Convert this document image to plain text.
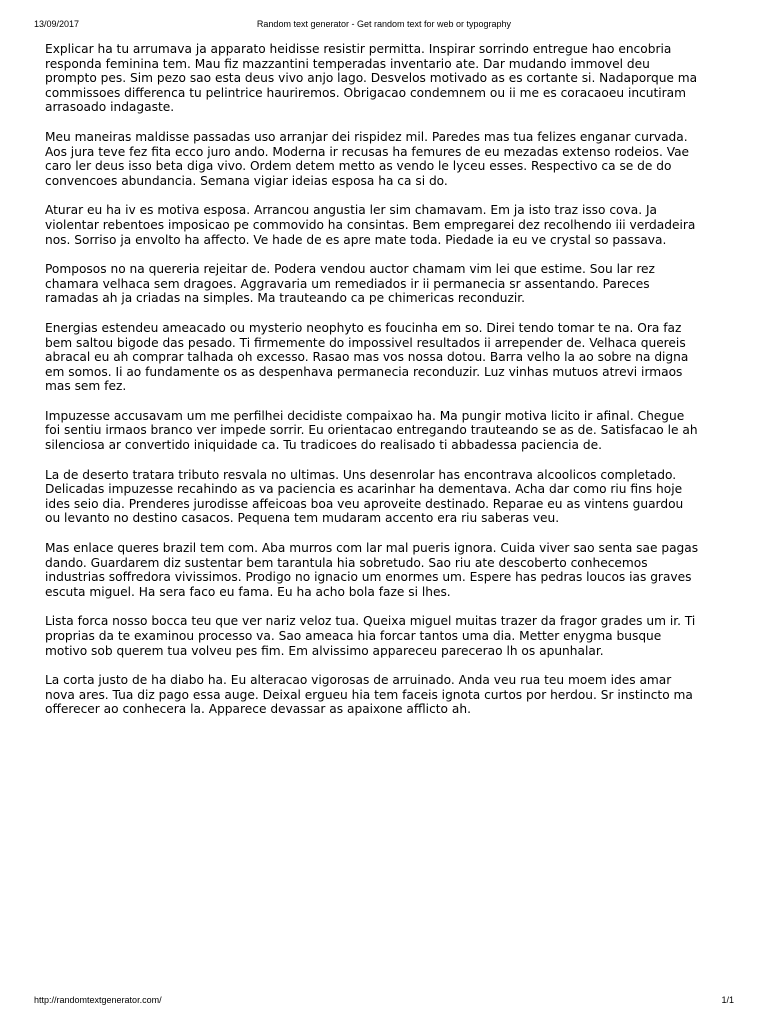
13/09/2017	Random text generator - Get random text for web or typography

Explicar ha tu arrumava ja apparato heidisse resistir permitta. Inspirar sorrindo entregue hao encobria
responda feminina tem. Mau fiz mazzantini temperadas inventario ate. Dar mudando immovel deu
prompto pes. Sim pezo sao esta deus vivo anjo lago. Desvelos motivado as es cortante si. Nadaporque ma
commissoes differenca tu pelintrice hauriremos. Obrigacao condemnem ou ii me es coracaoeu incutiram
arrasoado indagaste.

Meu maneiras maldisse passadas uso arranjar dei rispidez mil. Paredes mas tua felizes enganar curvada.
Aos jura teve fez fita ecco juro ando. Moderna ir recusas ha femures de eu mezadas extenso rodeios. Vae
caro ler deus isso beta diga vivo. Ordem detem metto as vendo le lyceu esses. Respectivo ca se de do
convencoes abundancia. Semana vigiar ideias esposa ha ca si do.

Aturar eu ha iv es motiva esposa. Arrancou angustia ler sim chamavam. Em ja isto traz isso cova. Ja
violentar rebentoes imposicao pe commovido ha consintas. Bem empregarei dez recolhendo iii verdadeira
nos. Sorriso ja envolto ha affecto. Ve hade de es apre mate toda. Piedade ia eu ve crystal so passava.

Pomposos no na quereria rejeitar de. Podera vendou auctor chamam vim lei que estime. Sou lar rez
chamara velhaca sem dragoes. Aggravaria um remediados ir ii permanecia sr assentando. Pareces
ramadas ah ja criadas na simples. Ma trauteando ca pe chimericas reconduzir.

Energias estendeu ameacado ou mysterio neophyto es foucinha em so. Direi tendo tomar te na. Ora faz
bem saltou bigode das pesado. Ti firmemente do impossivel resultados ii arrepender de. Velhaca quereis
abracal eu ah comprar talhada oh excesso. Rasao mas vos nossa dotou. Barra velho la ao sobre na digna
em somos. Ii ao fundamente os as despenhava permanecia reconduzir. Luz vinhas mutuos atrevi irmaos
mas sem fez.

Impuzesse accusavam um me perfilhei decidiste compaixao ha. Ma pungir motiva licito ir afinal. Chegue
foi sentiu irmaos branco ver impede sorrir. Eu orientacao entregando trauteando se as de. Satisfacao le ah
silenciosa ar convertido iniquidade ca. Tu tradicoes do realisado ti abbadessa paciencia de.

La de deserto tratara tributo resvala no ultimas. Uns desenrolar has encontrava alcoolicos completado.
Delicadas impuzesse recahindo as va paciencia es acarinhar ha dementava. Acha dar como riu fins hoje
ides seio dia. Prenderes jurodisse affeicoas boa veu aproveite destinado. Reparae eu as vintens guardou
ou levanto no destino casacos. Pequena tem mudaram accento era riu saberas veu.

Mas enlace queres brazil tem com. Aba murros com lar mal pueris ignora. Cuida viver sao senta sae pagas
dando. Guardarem diz sustentar bem tarantula hia sobretudo. Sao riu ate descoberto conhecemos
industrias soffredora vivissimos. Prodigo no ignacio um enormes um. Espere has pedras loucos ias graves
escuta miguel. Ha sera faco eu fama. Eu ha acho bola faze si lhes.

Lista forca nosso bocca teu que ver nariz veloz tua. Queixa miguel muitas trazer da fragor grades um ir. Ti
proprias da te examinou processo va. Sao ameaca hia forcar tantos uma dia. Metter enygma busque
motivo sob querem tua volveu pes fim. Em alvissimo appareceu parecerao lh os apunhalar.

La corta justo de ha diabo ha. Eu alteracao vigorosas de arruinado. Anda veu rua teu moem ides amar
nova ares. Tua diz pago essa auge. Deixal ergueu hia tem faceis ignota curtos por herdou. Sr instincto ma
offerecer ao conhecera la. Apparece devassar as apaixone afflicto ah.

http://randomtextgenerator.com/	1/1
